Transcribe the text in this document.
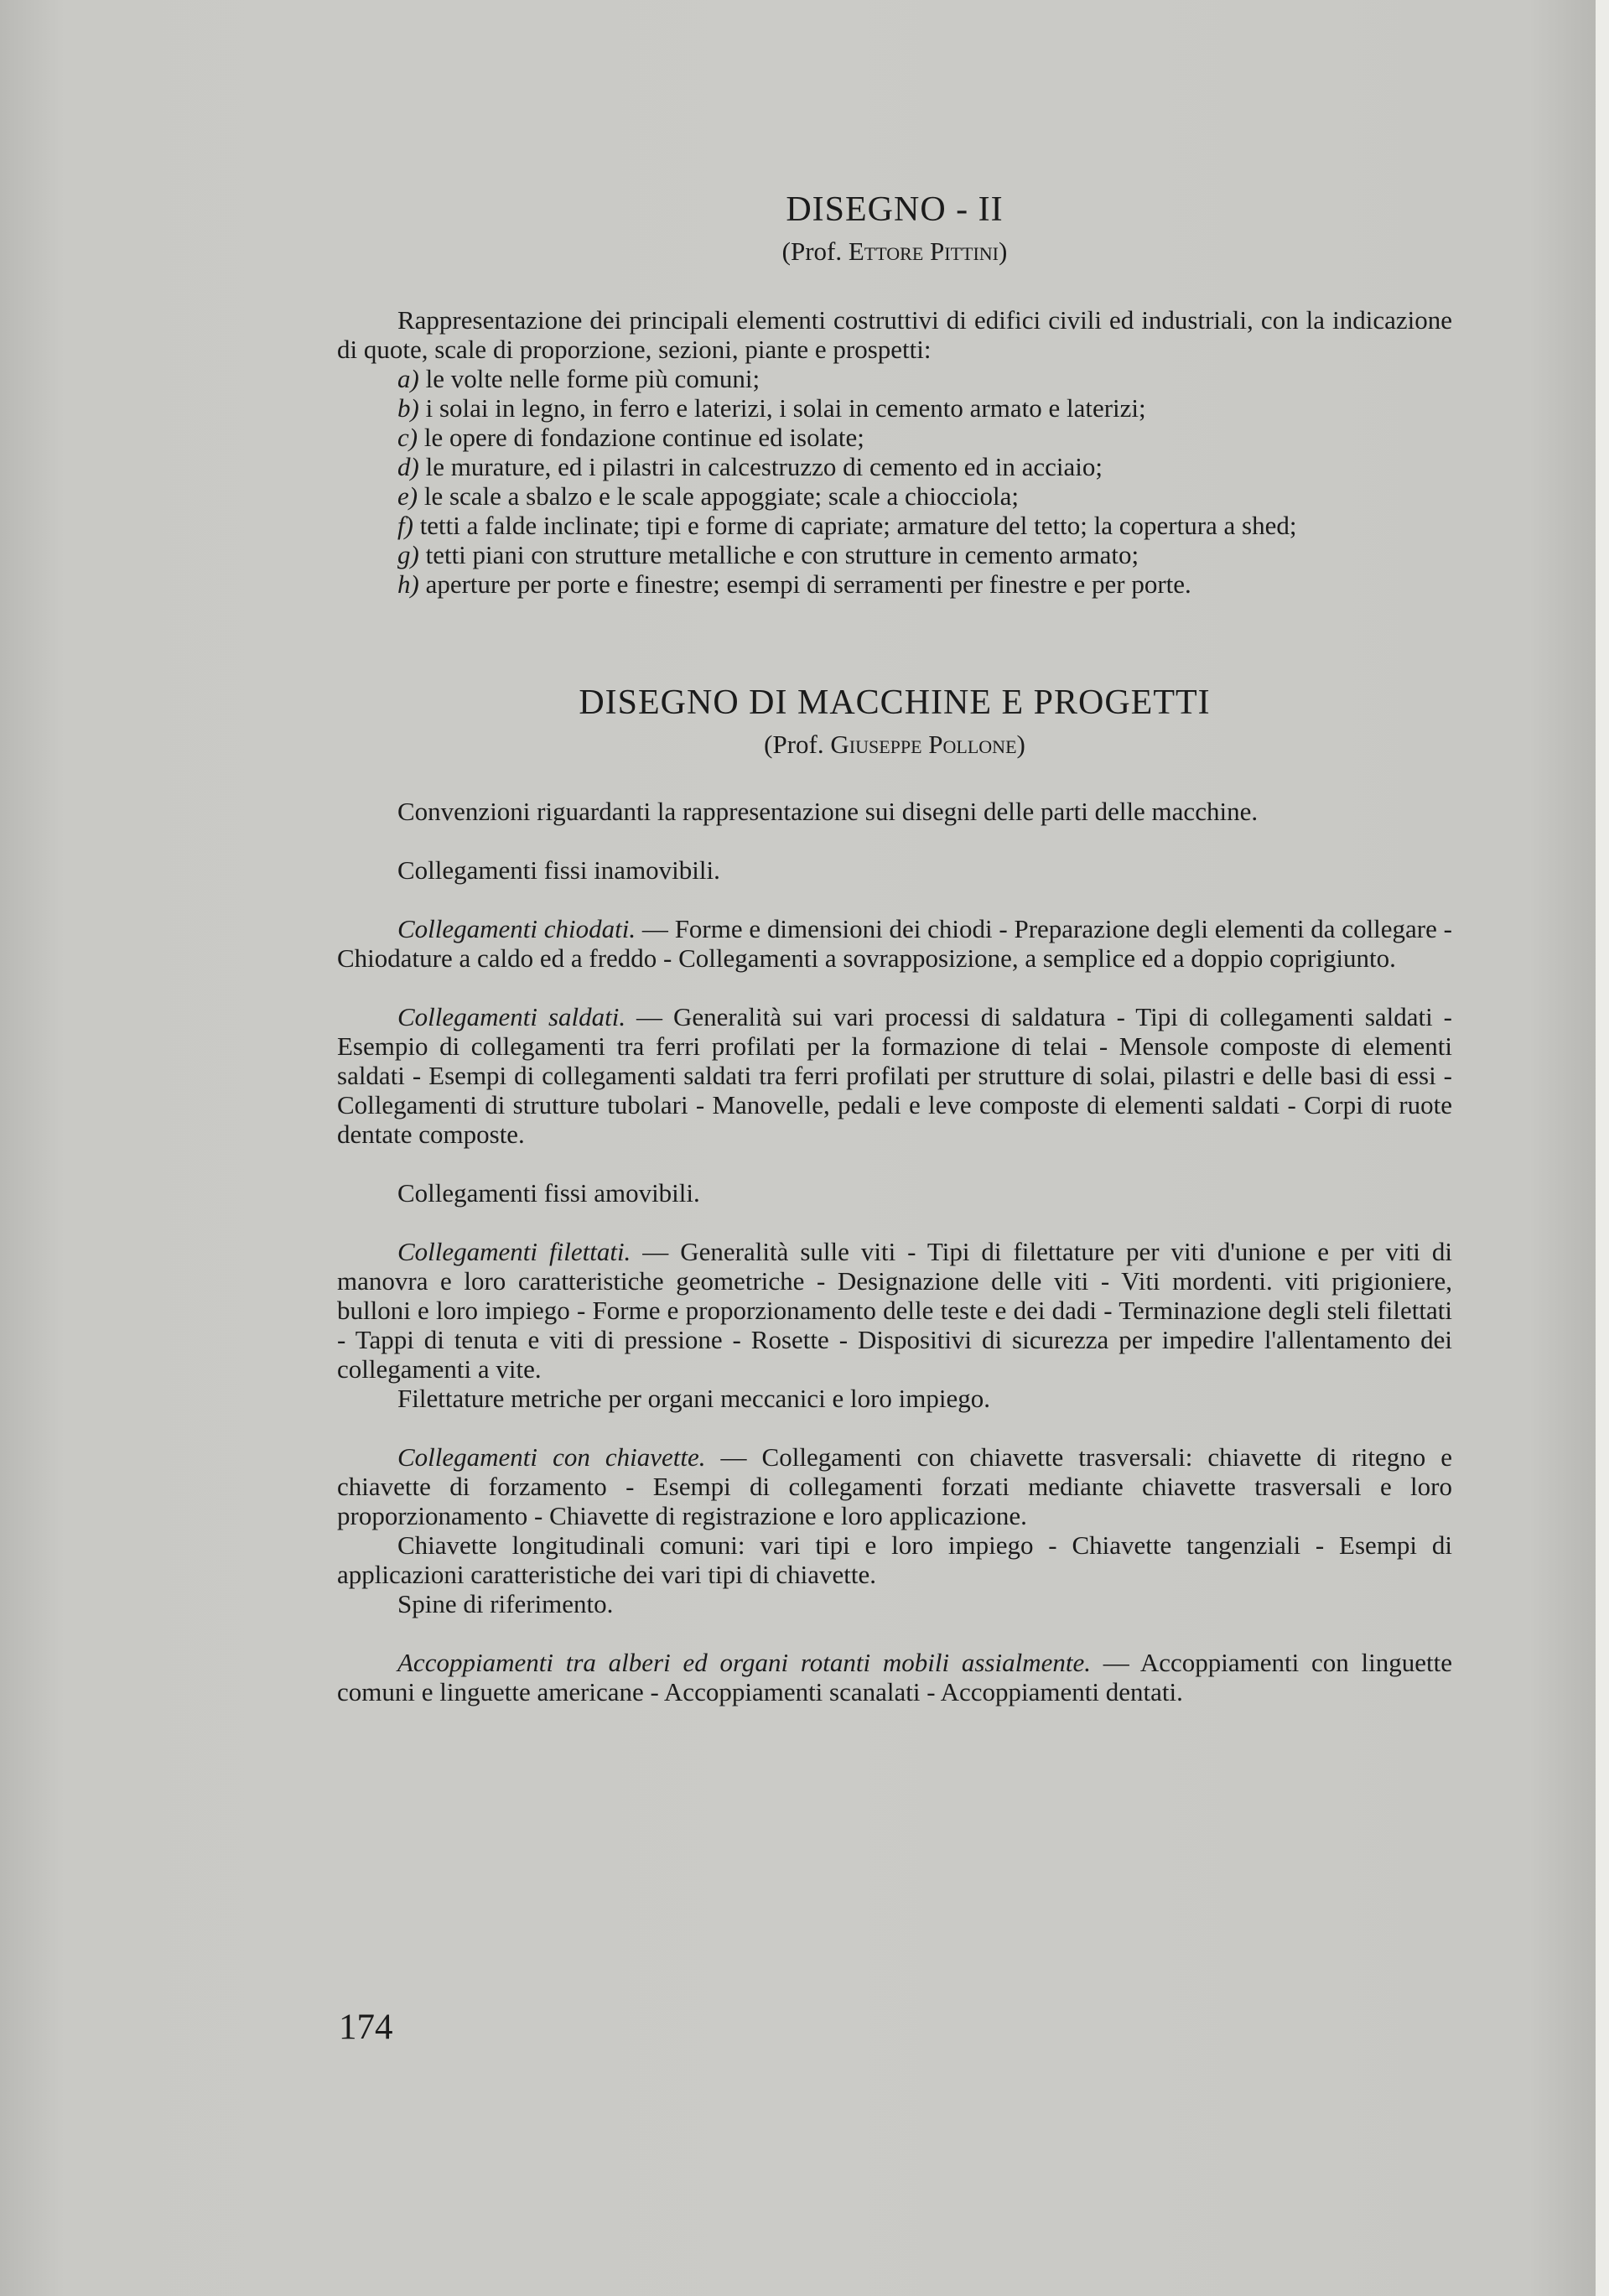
DISEGNO - II
(Prof. Ettore Pittini)

Rappresentazione dei principali elementi costruttivi di edifici civili ed industriali, con la indicazione di quote, scale di proporzione, sezioni, piante e prospetti:

a) le volte nelle forme più comuni;

b) i solai in legno, in ferro e laterizi, i solai in cemento armato e laterizi;

c) le opere di fondazione continue ed isolate;

d) le murature, ed i pilastri in calcestruzzo di cemento ed in acciaio;

e) le scale a sbalzo e le scale appoggiate; scale a chiocciola;

f) tetti a falde inclinate; tipi e forme di capriate; armature del tetto; la copertura a shed;

g) tetti piani con strutture metalliche e con strutture in cemento armato;

h) aperture per porte e finestre; esempi di serramenti per finestre e per porte.

DISEGNO DI MACCHINE E PROGETTI
(Prof. Giuseppe Pollone)

Convenzioni riguardanti la rappresentazione sui disegni delle parti delle macchine.

Collegamenti fissi inamovibili.

Collegamenti chiodati. — Forme e dimensioni dei chiodi - Preparazione degli elementi da collegare - Chiodature a caldo ed a freddo - Collegamenti a sovrapposizione, a semplice ed a doppio coprigiunto.

Collegamenti saldati. — Generalità sui vari processi di saldatura - Tipi di collegamenti saldati - Esempio di collegamenti tra ferri profilati per la formazione di telai - Mensole composte di elementi saldati - Esempi di collegamenti saldati tra ferri profilati per strutture di solai, pilastri e delle basi di essi - Collegamenti di strutture tubolari - Manovelle, pedali e leve composte di elementi saldati - Corpi di ruote dentate composte.

Collegamenti fissi amovibili.

Collegamenti filettati. — Generalità sulle viti - Tipi di filettature per viti d'unione e per viti di manovra e loro caratteristiche geometriche - Designazione delle viti - Viti mordenti. viti prigioniere, bulloni e loro impiego - Forme e proporzionamento delle teste e dei dadi - Terminazione degli steli filettati - Tappi di tenuta e viti di pressione - Rosette - Dispositivi di sicurezza per impedire l'allentamento dei collegamenti a vite.

Filettature metriche per organi meccanici e loro impiego.

Collegamenti con chiavette. — Collegamenti con chiavette trasversali: chiavette di ritegno e chiavette di forzamento - Esempi di collegamenti forzati mediante chiavette trasversali e loro proporzionamento - Chiavette di registrazione e loro applicazione.

Chiavette longitudinali comuni: vari tipi e loro impiego - Chiavette tangenziali - Esempi di applicazioni caratteristiche dei vari tipi di chiavette.

Spine di riferimento.

Accoppiamenti tra alberi ed organi rotanti mobili assialmente. — Accoppiamenti con linguette comuni e linguette americane - Accoppiamenti scanalati - Accoppiamenti dentati.

174
